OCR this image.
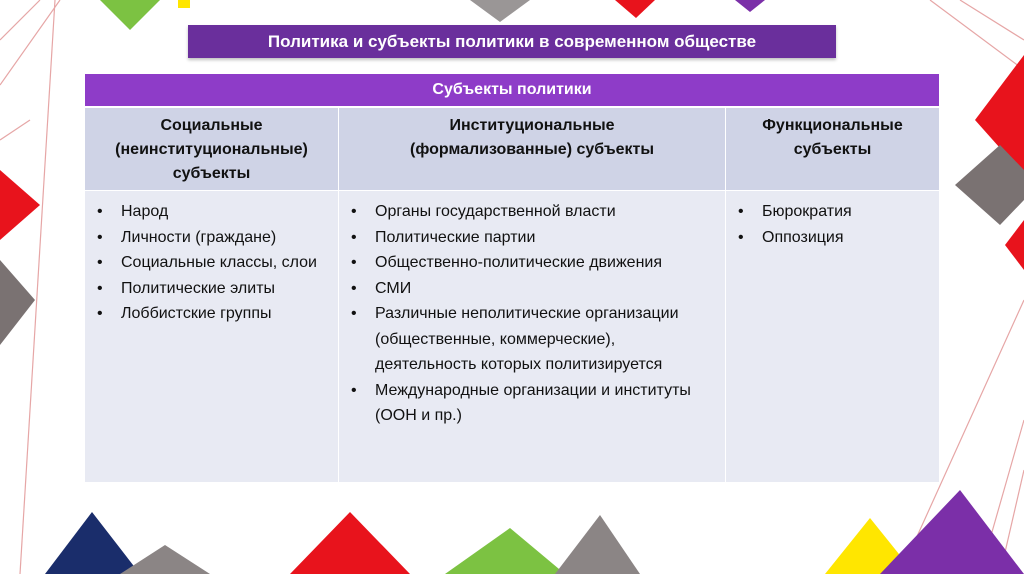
Политика и субъекты политики в современном обществе
Субъекты политики
Социальные
(неинституциональные)
субъекты
Институциональные
(формализованные) субъекты
Функциональные
субъекты
• Народ
• Личности (граждане)
• Социальные классы, слои
• Политические элиты
• Лоббистские группы
• Органы государственной власти
• Политические партии
• Общественно-политические движения
• СМИ
• Различные неполитические организации (общественные, коммерческие), деятельность которых политизируется
• Международные организации и институты (ООН и пр.)
• Бюрократия
• Оппозиция
